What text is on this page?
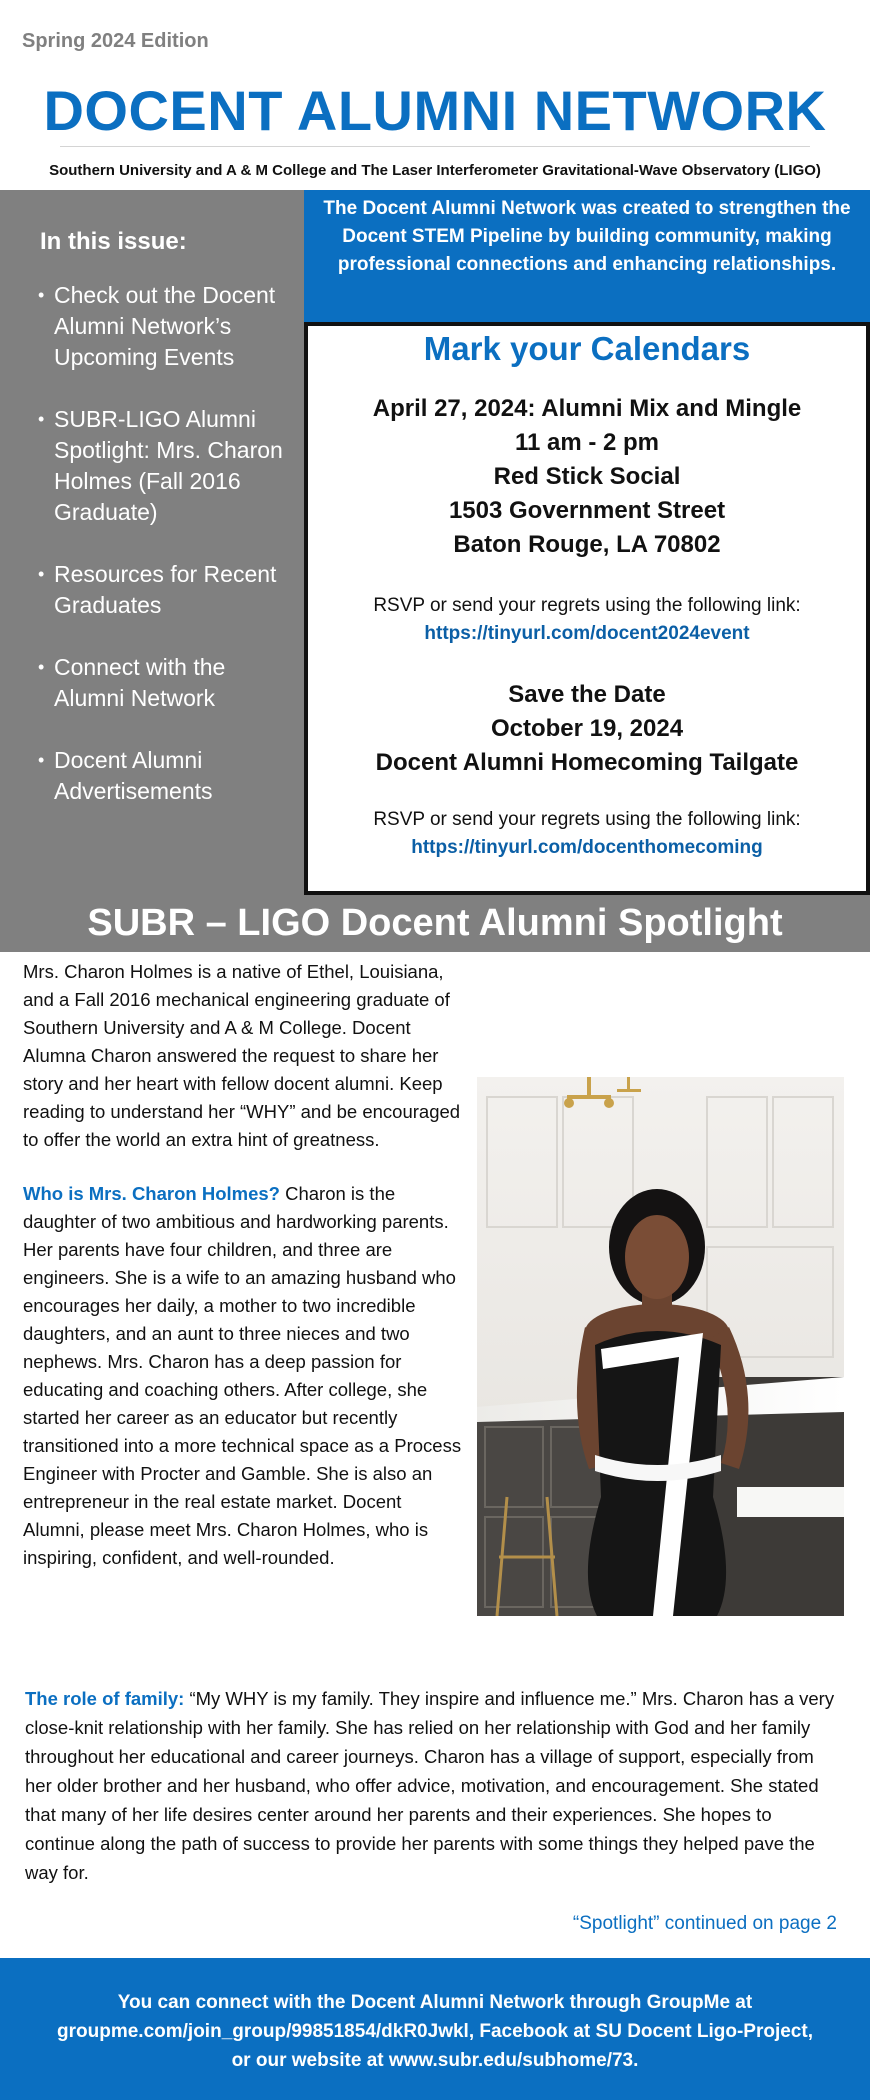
Spring 2024 Edition
DOCENT ALUMNI NETWORK
Southern University and A & M College and The Laser Interferometer Gravitational-Wave Observatory (LIGO)
In this issue:
• Check out the Docent Alumni Network’s Upcoming Events
• SUBR-LIGO Alumni Spotlight: Mrs. Charon Holmes (Fall 2016 Graduate)
• Resources for Recent Graduates
• Connect with the Alumni Network
• Docent Alumni Advertisements
The Docent Alumni Network was created to strengthen the Docent STEM Pipeline by building community, making professional connections and enhancing relationships.
Mark your Calendars
April 27, 2024: Alumni Mix and Mingle
11 am - 2 pm
Red Stick Social
1503 Government Street
Baton Rouge, LA 70802
RSVP or send your regrets using the following link:
https://tinyurl.com/docent2024event
Save the Date
October 19, 2024
Docent Alumni Homecoming Tailgate
RSVP or send your regrets using the following link:
https://tinyurl.com/docenthomecoming
SUBR – LIGO Docent Alumni Spotlight

Mrs. Charon Holmes is a native of Ethel, Louisiana, and a Fall 2016 mechanical engineering graduate of Southern University and A & M College. Docent Alumna Charon answered the request to share her story and her heart with fellow docent alumni. Keep reading to understand her “WHY” and be encouraged to offer the world an extra hint of greatness.

Who is Mrs. Charon Holmes? Charon is the daughter of two ambitious and hardworking parents. Her parents have four children, and three are engineers. She is a wife to an amazing husband who encourages her daily, a mother to two incredible daughters, and an aunt to three nieces and two nephews. Mrs. Charon has a deep passion for educating and coaching others. After college, she started her career as an educator but recently transitioned into a more technical space as a Process Engineer with Procter and Gamble. She is also an entrepreneur in the real estate market. Docent Alumni, please meet Mrs. Charon Holmes, who is inspiring, confident, and well-rounded.

The role of family: “My WHY is my family. They inspire and influence me.” Mrs. Charon has a very close-knit relationship with her family. She has relied on her relationship with God and her family throughout her educational and career journeys. Charon has a village of support, especially from her older brother and her husband, who offer advice, motivation, and encouragement. She stated that many of her life desires center around her parents and their experiences. She hopes to continue along the path of success to provide her parents with some things they helped pave the way for.

“Spotlight” continued on page 2
You can connect with the Docent Alumni Network through GroupMe at
groupme.com/join_group/99851854/dkR0Jwkl, Facebook at SU Docent Ligo-Project,
or our website at www.subr.edu/subhome/73.
